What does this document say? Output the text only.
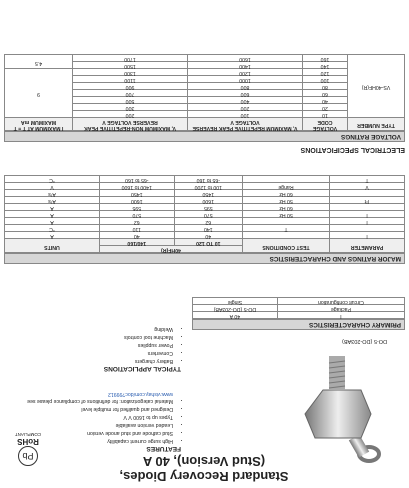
Standard Recovery Diodes,
(Stud Version), 40 A
DO-5 (DO-203AB)
Pb
RoHS
COMPLIANT
FEATURES
• High surge current capability
• Stud cathode and stud anode version
• Leaded version available
• Types up to 1600 V V
• Designed and qualified for multiple level
• Material categorization: for definitions of compliance please see
www.vishay.com/doc?99912
TYPICAL APPLICATIONS
• Battery chargers
• Converters
• Power supplies
• Machine tool controls
• Welding
PRIMARY CHARACTERISTICS
I	40 A
Package	DO-5 (DO-203AB)
Circuit configuration	Single
MAJOR RATINGS AND CHARACTERISTICS
PARAMETER	TEST CONDITIONS	40HF(R)		UNITS
		10 TO 120	140/160	
I		40	40	A
	T	140	110	°C
I		62	62	A
I	50 Hz	570	570	A
	60 Hz	595	595	A
I²t	50 Hz	1600	1600	A²s
	60 Hz	1450	1450	A²s
V	Range	100 to 1200	1400 to 1600	V
T		-65 to 160	-65 to 160	°C
ELECTRICAL SPECIFICATIONS
VOLTAGE RATINGS
TYPE NUMBER	VOLTAGE CODE	V, MAXIMUM REPETITIVE PEAK REVERSE VOLTAGE V	V, MAXIMUM NON-REPETITIVE PEAK REVERSE VOLTAGE V	I MAXIMUM AT T = T MAXIMUM mA
VS-40HF(R)	10	100	200	9
	20	200	300	
	40	400	500	
	60	600	700	
	80	800	900	
	100	1000	1100	
	120	1200	1300	
	140	1400	1500	4.5
	160	1600	1700	
